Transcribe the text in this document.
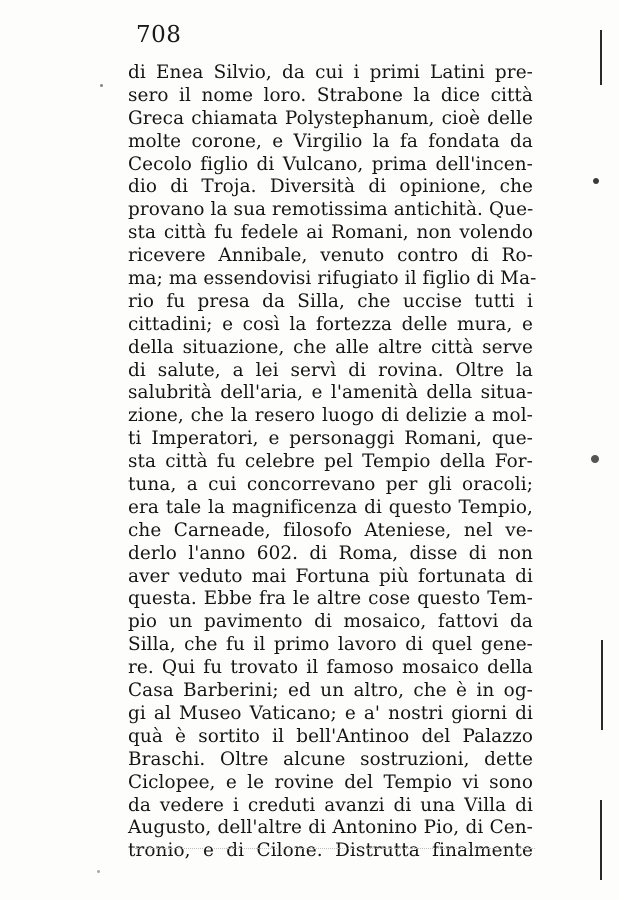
708
di Enea Silvio, da cui i primi Latini pre-
sero il nome loro. Strabone la dice città
Greca chiamata Polystephanum, cioè delle
molte corone, e Virgilio la fa fondata da
Cecolo figlio di Vulcano, prima dell'incen-
dio di Troja. Diversità di opinione, che
provano la sua remotissima antichità. Que-
sta città fu fedele ai Romani, non volendo
ricevere Annibale, venuto contro di Ro-
ma; ma essendovisi rifugiato il figlio di Ma-
rio fu presa da Silla, che uccise tutti i
cittadini; e così la fortezza delle mura, e
della situazione, che alle altre città serve
di salute, a lei servì di rovina. Oltre la
salubrità dell'aria, e l'amenità della situa-
zione, che la resero luogo di delizie a mol-
ti Imperatori, e personaggi Romani, que-
sta città fu celebre pel Tempio della For-
tuna, a cui concorrevano per gli oracoli;
era tale la magnificenza di questo Tempio,
che Carneade, filosofo Ateniese, nel ve-
derlo l'anno 602. di Roma, disse di non
aver veduto mai Fortuna più fortunata di
questa. Ebbe fra le altre cose questo Tem-
pio un pavimento di mosaico, fattovi da
Silla, che fu il primo lavoro di quel gene-
re. Qui fu trovato il famoso mosaico della
Casa Barberini; ed un altro, che è in og-
gi al Museo Vaticano; e a' nostri giorni di
quà è sortito il bell'Antinoo del Palazzo
Braschi. Oltre alcune sostruzioni, dette
Ciclopee, e le rovine del Tempio vi sono
da vedere i creduti avanzi di una Villa di
Augusto, dell'altre di Antonino Pio, di Cen-
tronio, e di Cilone. Distrutta finalmente
